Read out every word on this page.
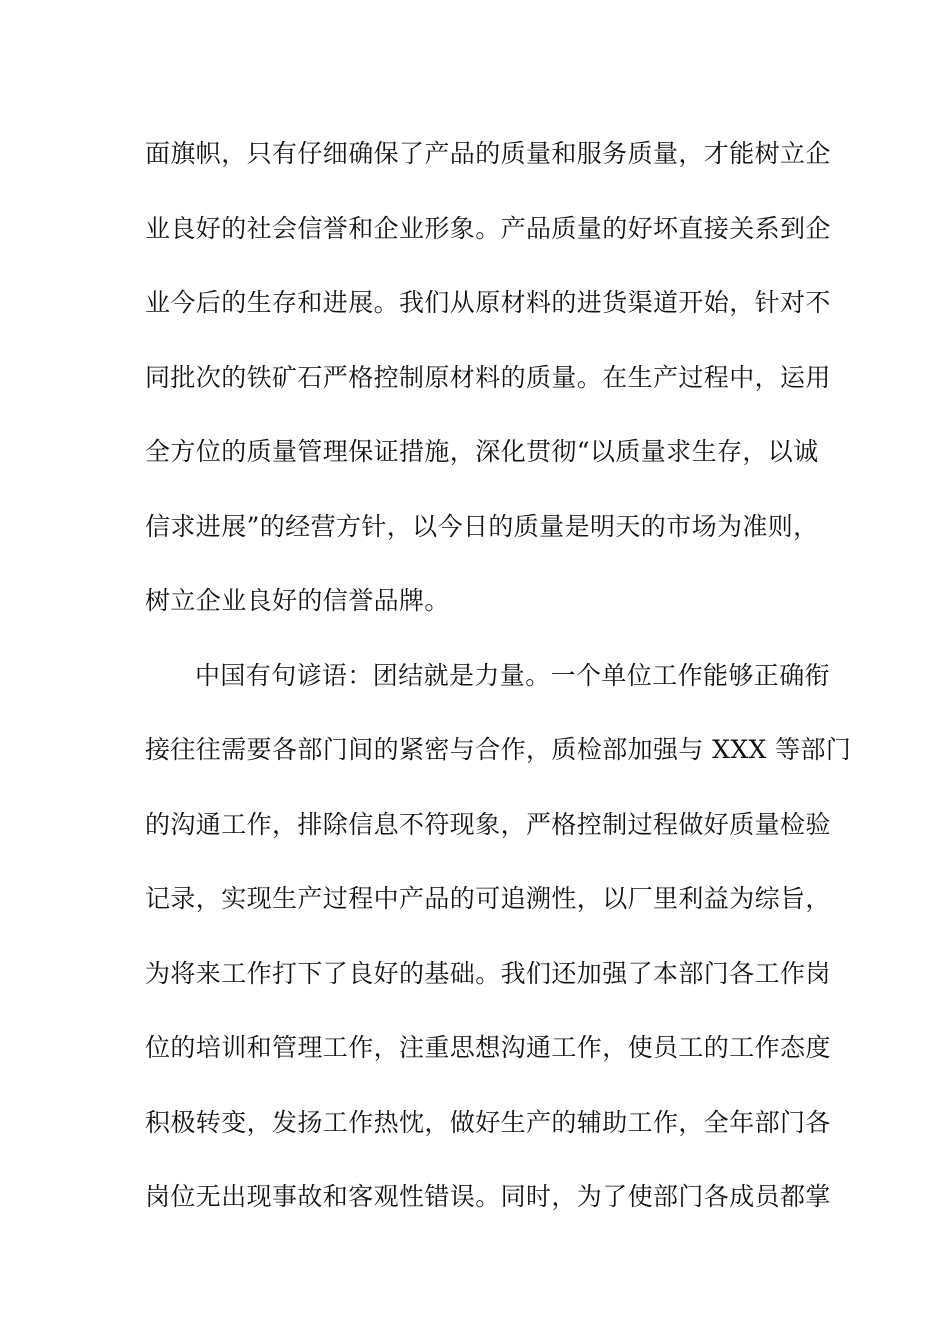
面旗帜，只有仔细确保了产品的质量和服务质量，才能树立企
业良好的社会信誉和企业形象。产品质量的好坏直接关系到企
业今后的生存和进展。我们从原材料的进货渠道开始，针对不
同批次的铁矿石严格控制原材料的质量。在生产过程中，运用
全方位的质量管理保证措施，深化贯彻“以质量求生存，以诚
信求进展”的经营方针，以今日的质量是明天的市场为准则，
树立企业良好的信誉品牌。
中国有句谚语：团结就是力量。一个单位工作能够正确衔
接往往需要各部门间的紧密与合作，质检部加强与 XXX 等部门
的沟通工作，排除信息不符现象，严格控制过程做好质量检验
记录，实现生产过程中产品的可追溯性，以厂里利益为综旨，
为将来工作打下了良好的基础。我们还加强了本部门各工作岗
位的培训和管理工作，注重思想沟通工作，使员工的工作态度
积极转变，发扬工作热忱，做好生产的辅助工作，全年部门各
岗位无出现事故和客观性错误。同时，为了使部门各成员都掌
